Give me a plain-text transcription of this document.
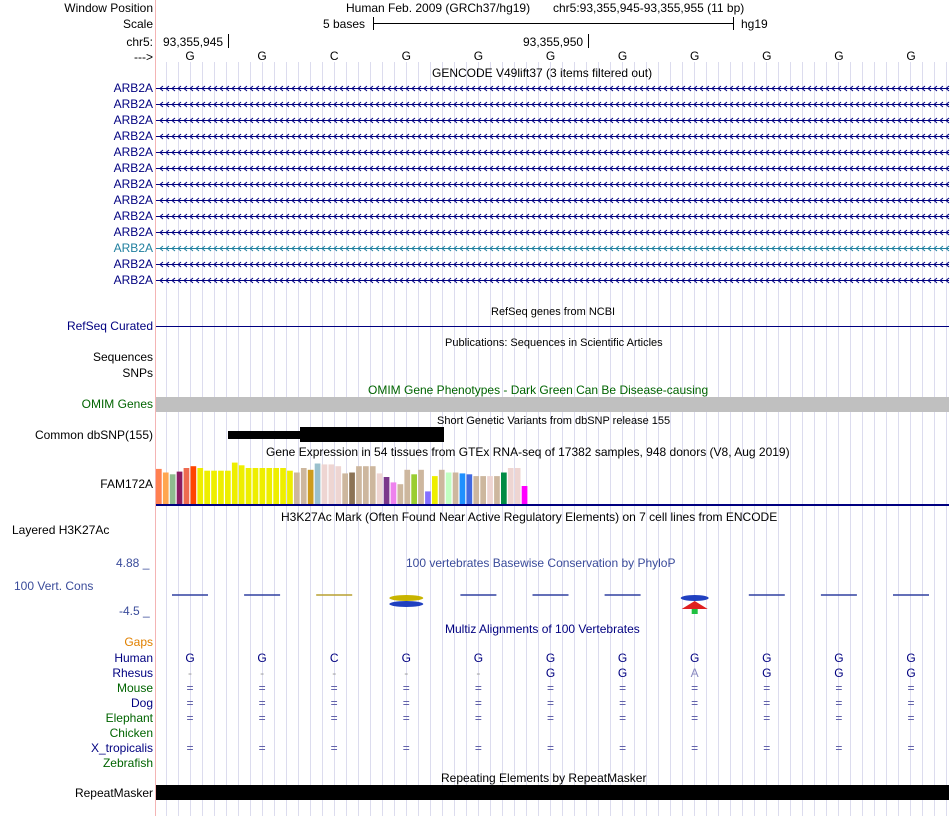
Window Position	Human Feb. 2009 (GRCh37/hg19) chr5:93,355,945-93,355,955 (11 bp)
Scale	5 bases	hg19
chr5: 93,355,945	93,355,950
--->	G	G	C	G	G	G	G	G	G	G	G
GENCODE V49lift37 (3 items filtered out)
ARB2A
ARB2A
ARB2A
ARB2A
ARB2A
ARB2A
ARB2A
ARB2A
ARB2A
ARB2A
ARB2A
ARB2A
ARB2A
RefSeq genes from NCBI
RefSeq Curated
Publications: Sequences in Scientific Articles
Sequences
SNPs
OMIM Gene Phenotypes - Dark Green Can Be Disease-causing
OMIM Genes
Short Genetic Variants from dbSNP release 155
Common dbSNP(155)
Gene Expression in 54 tissues from GTEx RNA-seq of 17382 samples, 948 donors (V8, Aug 2019)
FAM172A
H3K27Ac Mark (Often Found Near Active Regulatory Elements) on 7 cell lines from ENCODE
Layered H3K27Ac
100 vertebrates Basewise Conservation by PhyloP
4.88 _
100 Vert. Cons
-4.5 _
Multiz Alignments of 100 Vertebrates
Gaps
Human	G	G	C	G	G	G	G	G	G	G	G
Rhesus	-	-	-	-	-	G	G	A	G	G	G
Mouse	=	=	=	=	=	=	=	=	=	=	=
Dog	=	=	=	=	=	=	=	=	=	=	=
Elephant	=	=	=	=	=	=	=	=	=	=	=
Chicken
X_tropicalis	=	=	=	=	=	=	=	=	=	=	=
Zebrafish
Repeating Elements by RepeatMasker
RepeatMasker
